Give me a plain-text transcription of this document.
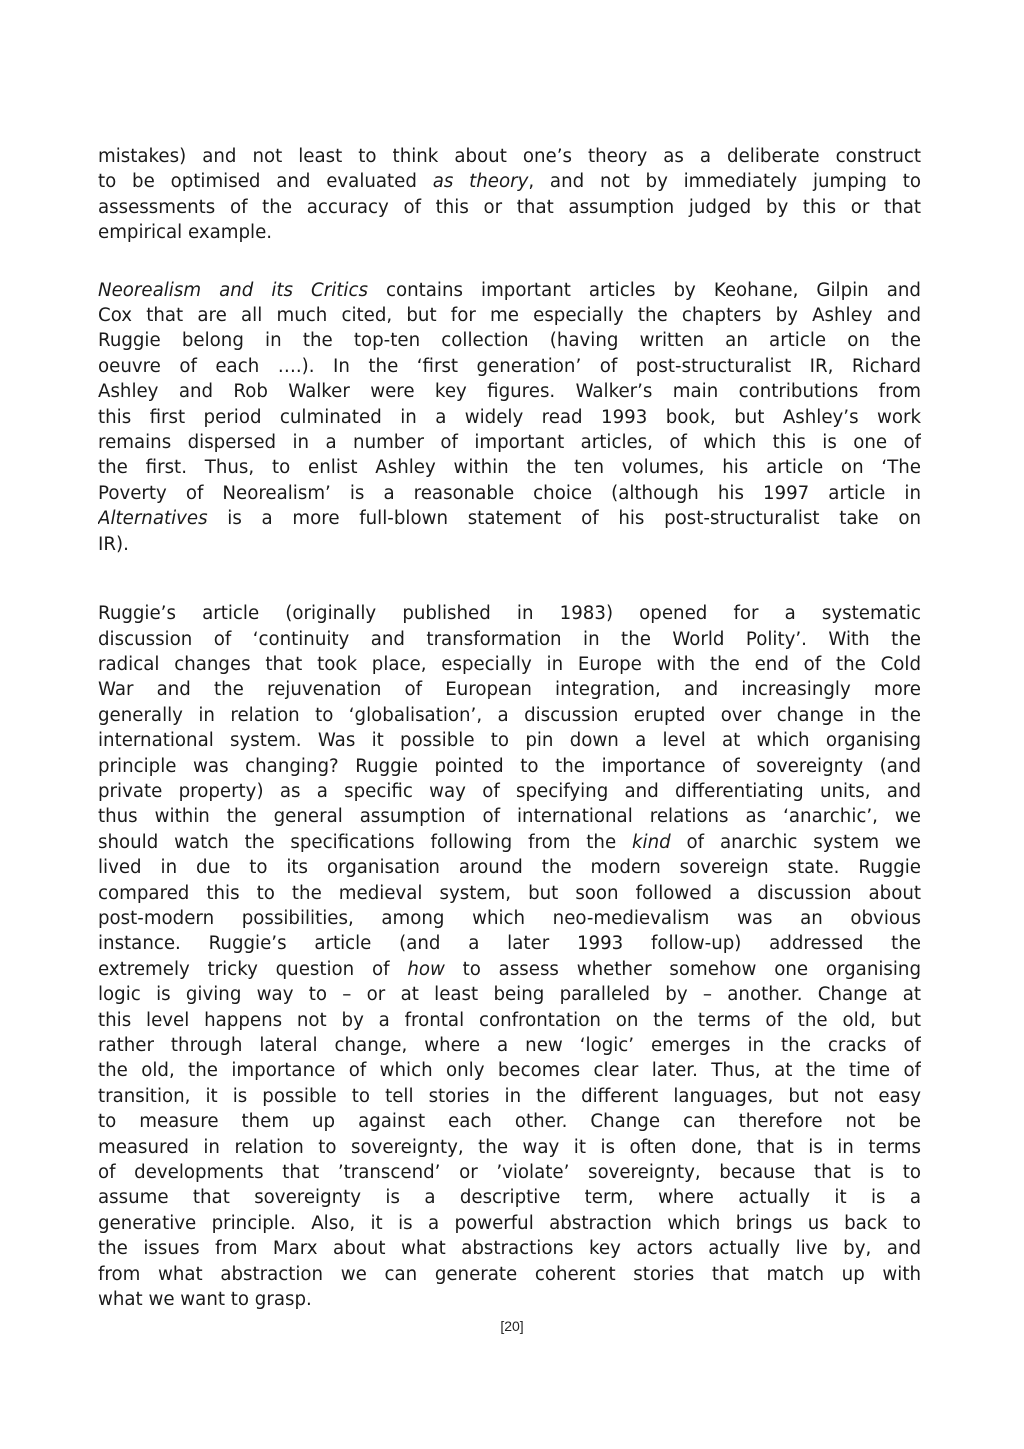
mistakes) and not least to think about one’s theory as a deliberate construct
to be optimised and evaluated as theory, and not by immediately jumping to
assessments of the accuracy of this or that assumption judged by this or that
empirical example.
Neorealism and its Critics contains important articles by Keohane, Gilpin and
Cox that are all much cited, but for me especially the chapters by Ashley and
Ruggie belong in the top-ten collection (having written an article on the
oeuvre of each ….). In the ‘first generation’ of post-structuralist IR, Richard
Ashley and Rob Walker were key figures. Walker’s main contributions from
this first period culminated in a widely read 1993 book, but Ashley’s work
remains dispersed in a number of important articles, of which this is one of
the first. Thus, to enlist Ashley within the ten volumes, his article on ‘The
Poverty of Neorealism’ is a reasonable choice (although his 1997 article in
Alternatives is a more full-blown statement of his post-structuralist take on
IR).
Ruggie’s article (originally published in 1983) opened for a systematic
discussion of ‘continuity and transformation in the World Polity’. With the
radical changes that took place, especially in Europe with the end of the Cold
War and the rejuvenation of European integration, and increasingly more
generally in relation to ‘globalisation’, a discussion erupted over change in the
international system. Was it possible to pin down a level at which organising
principle was changing? Ruggie pointed to the importance of sovereignty (and
private property) as a specific way of specifying and differentiating units, and
thus within the general assumption of international relations as ‘anarchic’, we
should watch the specifications following from the kind of anarchic system we
lived in due to its organisation around the modern sovereign state. Ruggie
compared this to the medieval system, but soon followed a discussion about
post-modern possibilities, among which neo-medievalism was an obvious
instance. Ruggie’s article (and a later 1993 follow-up) addressed the
extremely tricky question of how to assess whether somehow one organising
logic is giving way to – or at least being paralleled by – another. Change at
this level happens not by a frontal confrontation on the terms of the old, but
rather through lateral change, where a new ‘logic’ emerges in the cracks of
the old, the importance of which only becomes clear later. Thus, at the time of
transition, it is possible to tell stories in the different languages, but not easy
to measure them up against each other. Change can therefore not be
measured in relation to sovereignty, the way it is often done, that is in terms
of developments that ’transcend’ or ’violate’ sovereignty, because that is to
assume that sovereignty is a descriptive term, where actually it is a
generative principle. Also, it is a powerful abstraction which brings us back to
the issues from Marx about what abstractions key actors actually live by, and
from what abstraction we can generate coherent stories that match up with
what we want to grasp.
[20]
